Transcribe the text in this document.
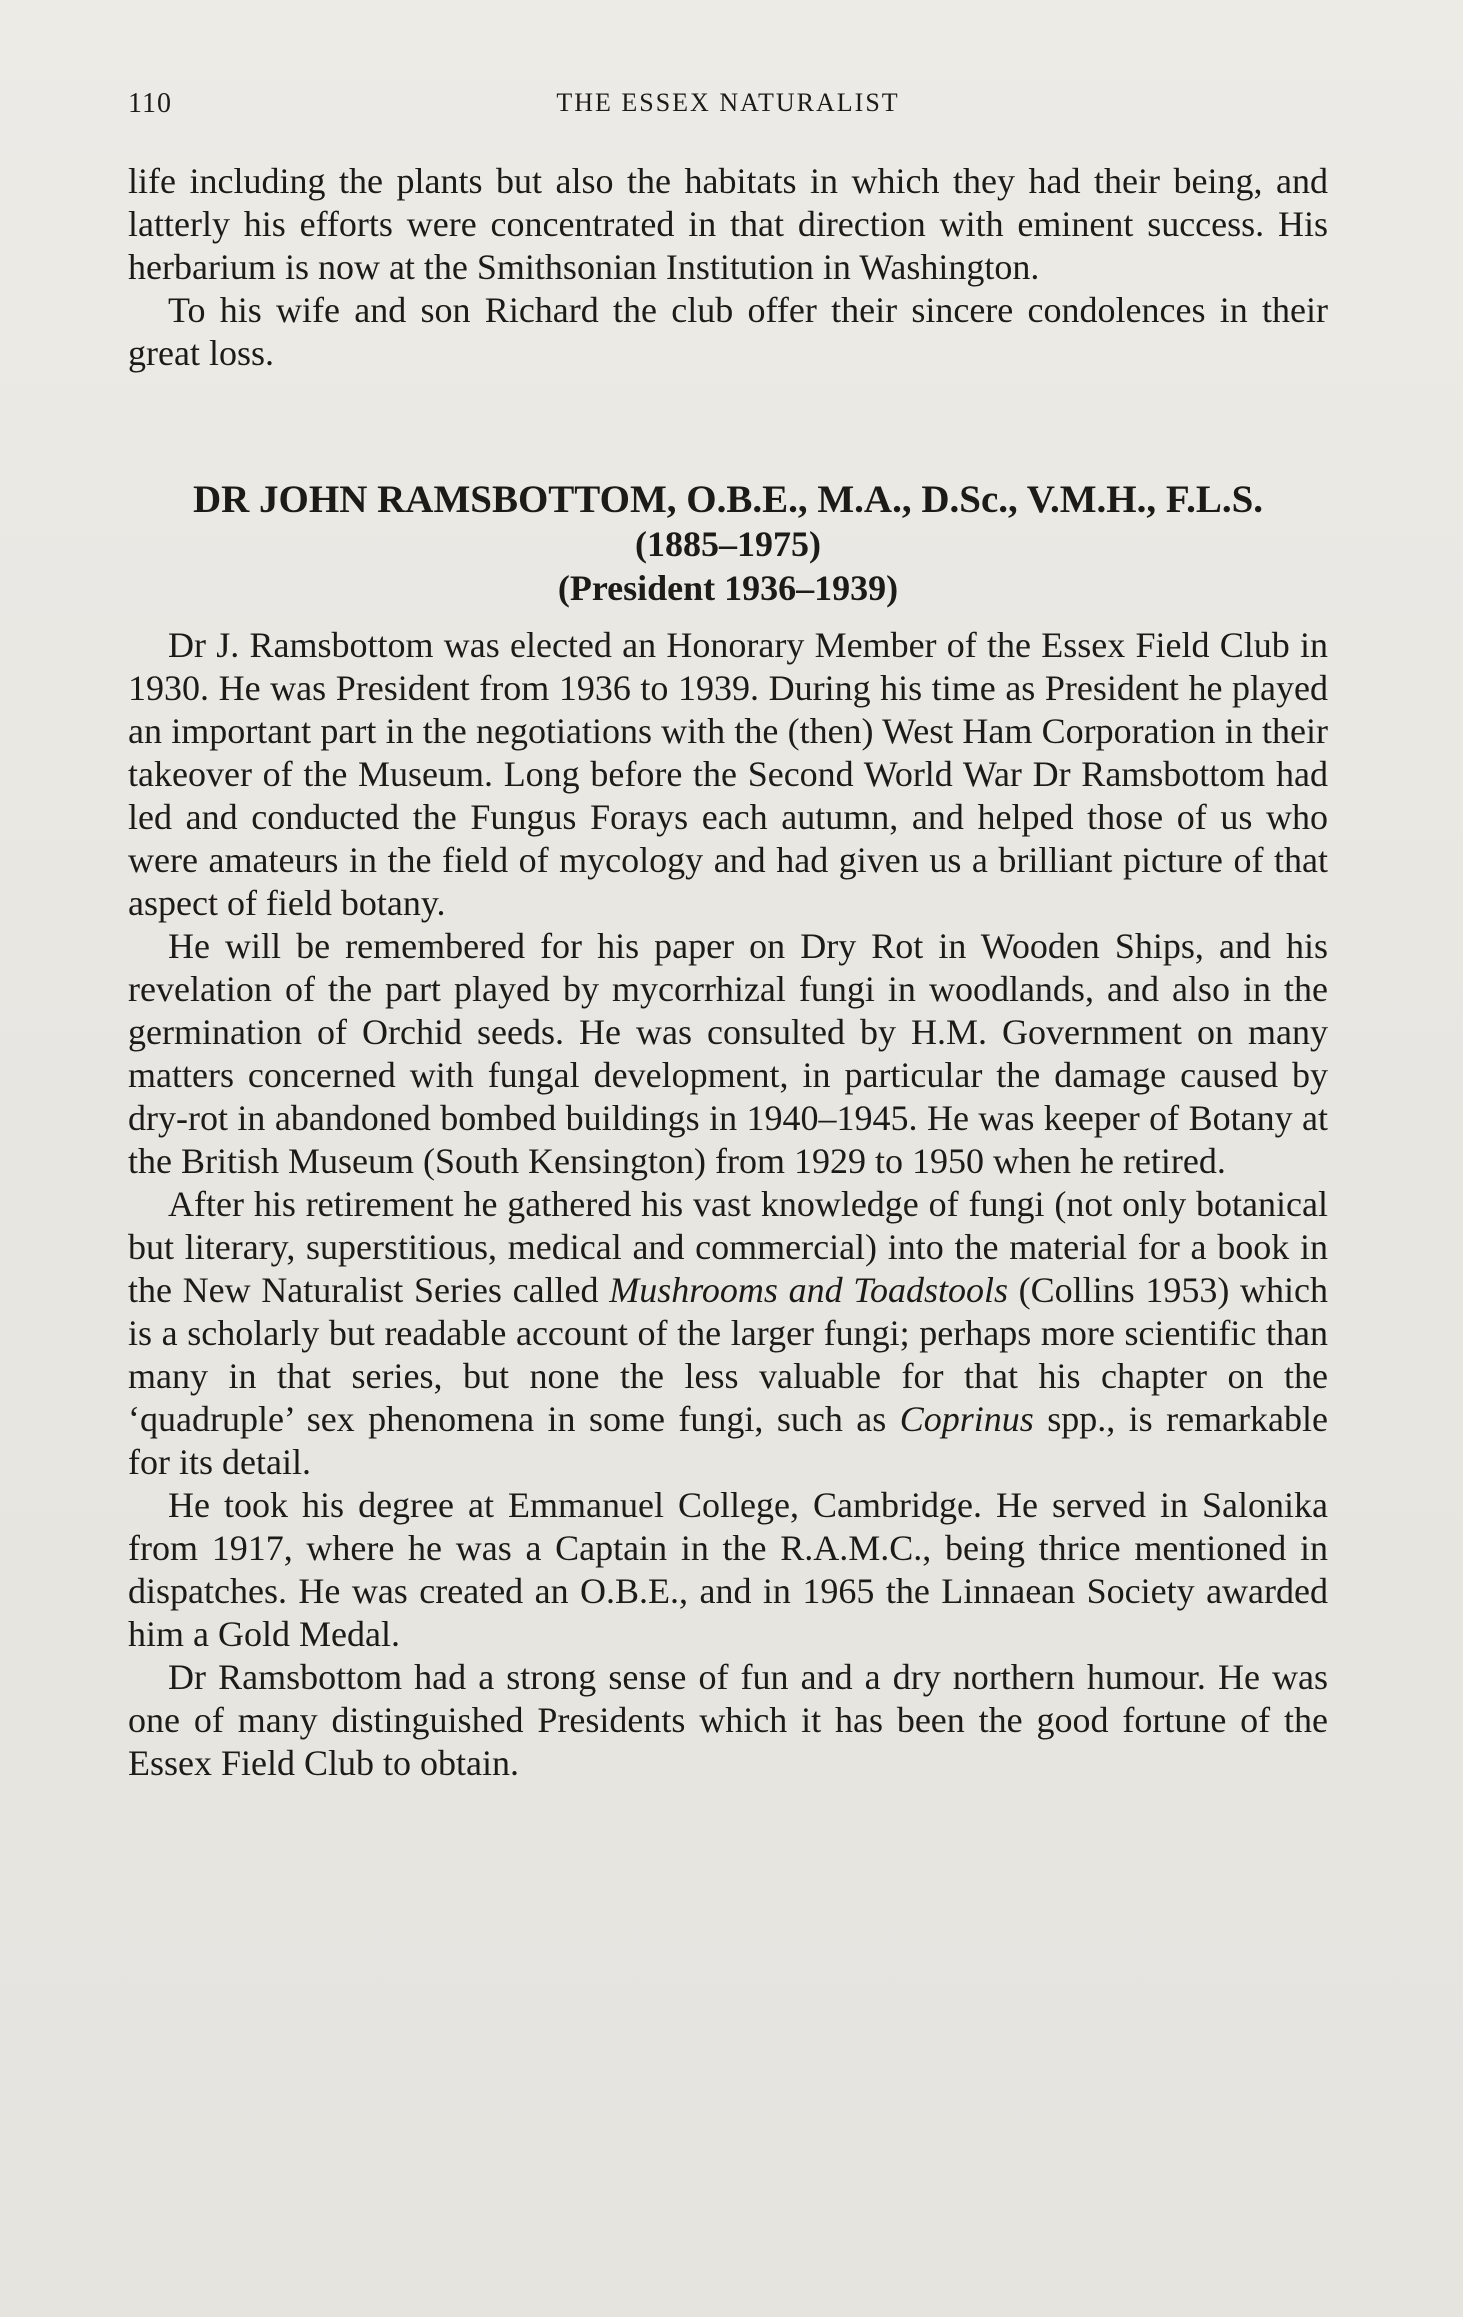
110	THE ESSEX NATURALIST

life including the plants but also the habitats in which they had their being, and latterly his efforts were concentrated in that direction with eminent success. His herbarium is now at the Smithsonian Institution in Washington.

To his wife and son Richard the club offer their sincere condolences in their great loss.

DR JOHN RAMSBOTTOM, O.B.E., M.A., D.Sc., V.M.H., F.L.S.
(1885–1975)
(President 1936–1939)

Dr J. Ramsbottom was elected an Honorary Member of the Essex Field Club in 1930. He was President from 1936 to 1939. During his time as President he played an important part in the negotiations with the (then) West Ham Corporation in their takeover of the Museum. Long before the Second World War Dr Ramsbottom had led and conducted the Fungus Forays each autumn, and helped those of us who were amateurs in the field of mycology and had given us a brilliant picture of that aspect of field botany.

He will be remembered for his paper on Dry Rot in Wooden Ships, and his revelation of the part played by mycorrhizal fungi in woodlands, and also in the germination of Orchid seeds. He was consulted by H.M. Government on many matters concerned with fungal development, in particular the damage caused by dry-rot in abandoned bombed buildings in 1940–1945. He was keeper of Botany at the British Museum (South Kensington) from 1929 to 1950 when he retired.

After his retirement he gathered his vast knowledge of fungi (not only botanical but literary, superstitious, medical and commercial) into the material for a book in the New Naturalist Series called Mushrooms and Toadstools (Collins 1953) which is a scholarly but readable account of the larger fungi; perhaps more scientific than many in that series, but none the less valuable for that his chapter on the ‘quadruple’ sex phenomena in some fungi, such as Coprinus spp., is remarkable for its detail.

He took his degree at Emmanuel College, Cambridge. He served in Salonika from 1917, where he was a Captain in the R.A.M.C., being thrice mentioned in dispatches. He was created an O.B.E., and in 1965 the Linnaean Society awarded him a Gold Medal.

Dr Ramsbottom had a strong sense of fun and a dry northern humour. He was one of many distinguished Presidents which it has been the good fortune of the Essex Field Club to obtain.
